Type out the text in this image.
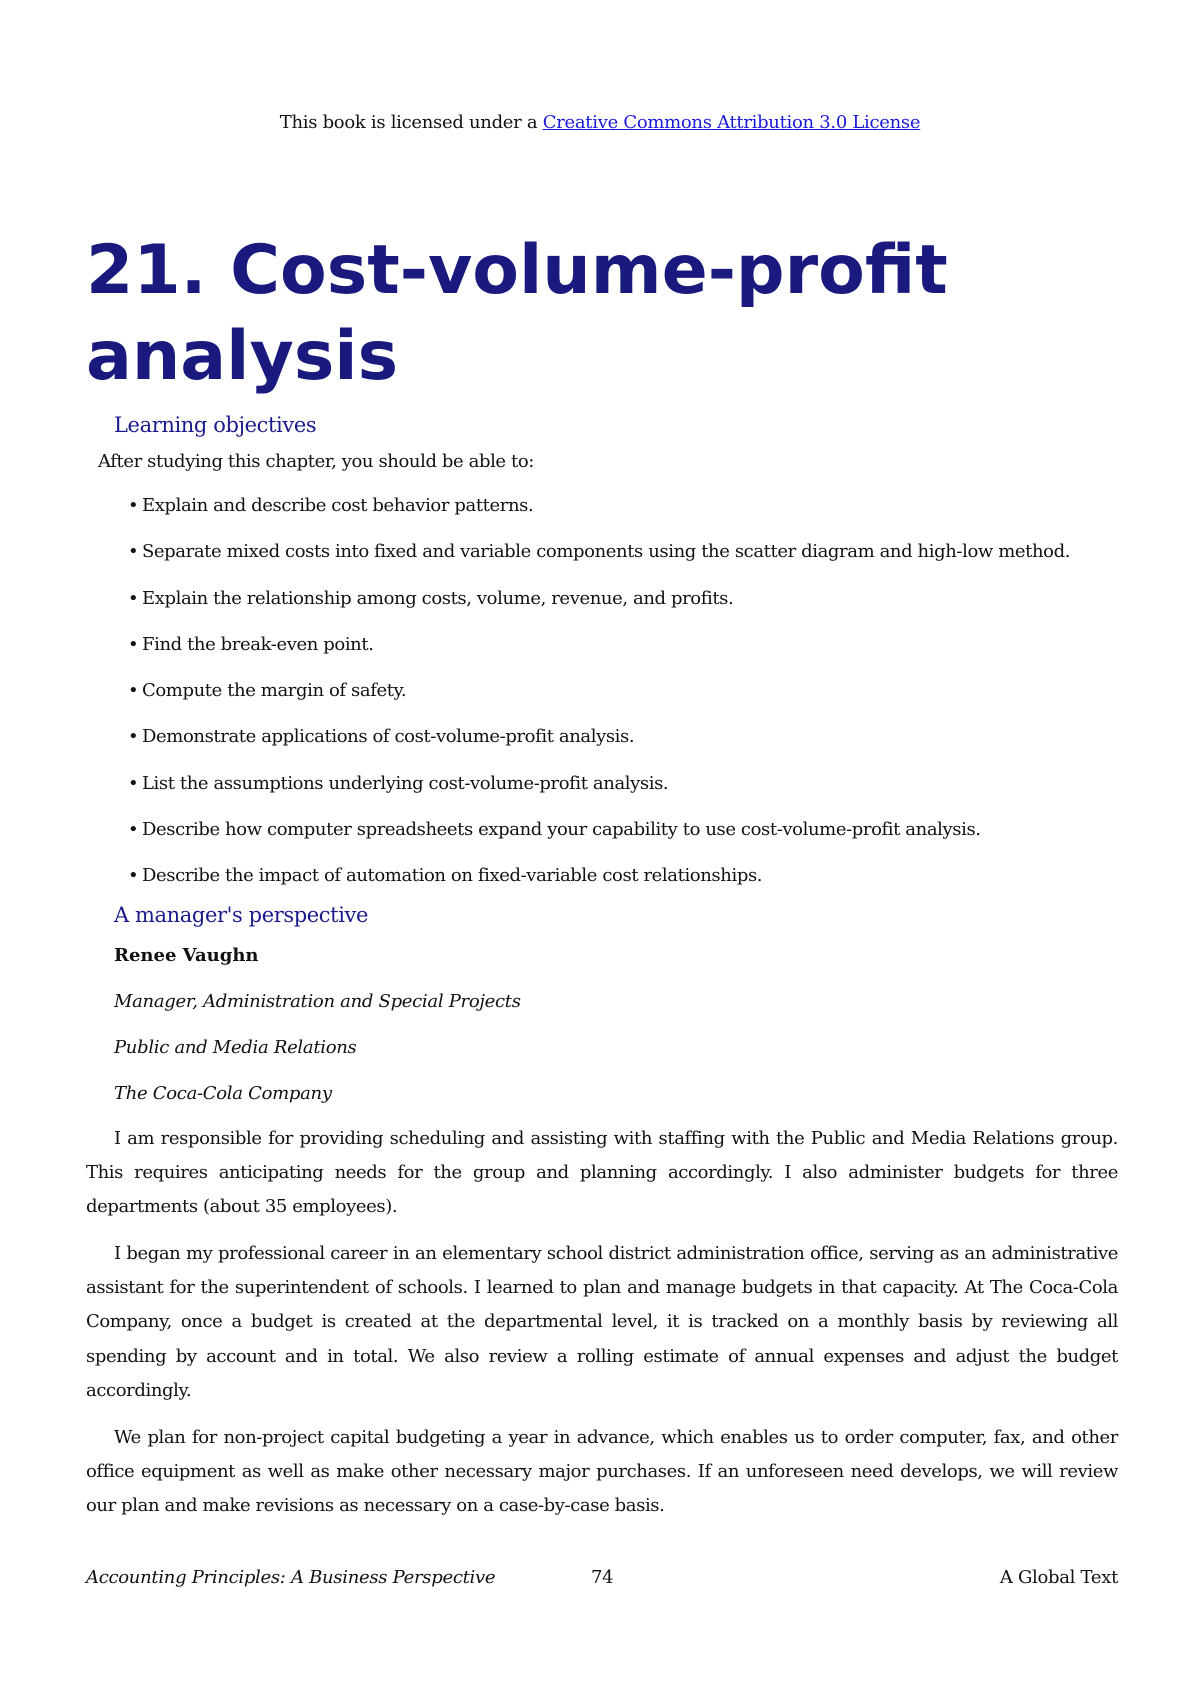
This book is licensed under a Creative Commons Attribution 3.0 License
21. Cost-volume-profit
analysis
Learning objectives
After studying this chapter, you should be able to:
• Explain and describe cost behavior patterns.
• Separate mixed costs into fixed and variable components using the scatter diagram and high-low method.
• Explain the relationship among costs, volume, revenue, and profits.
• Find the break-even point.
• Compute the margin of safety.
• Demonstrate applications of cost-volume-profit analysis.
• List the assumptions underlying cost-volume-profit analysis.
• Describe how computer spreadsheets expand your capability to use cost-volume-profit analysis.
• Describe the impact of automation on fixed-variable cost relationships.
A manager's perspective
Renee Vaughn
Manager, Administration and Special Projects
Public and Media Relations
The Coca-Cola Company

I am responsible for providing scheduling and assisting with staffing with the Public and Media Relations group. This requires anticipating needs for the group and planning accordingly. I also administer budgets for three departments (about 35 employees).

I began my professional career in an elementary school district administration office, serving as an administrative assistant for the superintendent of schools. I learned to plan and manage budgets in that capacity. At The Coca-Cola Company, once a budget is created at the departmental level, it is tracked on a monthly basis by reviewing all spending by account and in total. We also review a rolling estimate of annual expenses and adjust the budget accordingly.

We plan for non-project capital budgeting a year in advance, which enables us to order computer, fax, and other office equipment as well as make other necessary major purchases. If an unforeseen need develops, we will review our plan and make revisions as necessary on a case-by-case basis.

Accounting Principles: A Business Perspective	74	A Global Text
